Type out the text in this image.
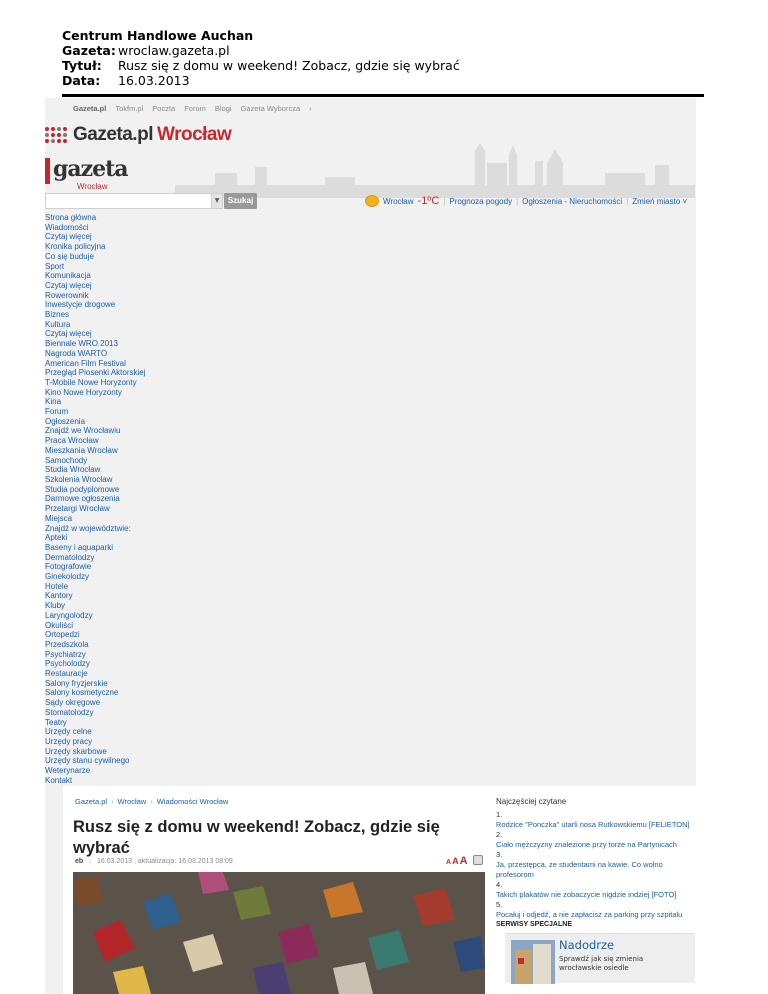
Centrum Handlowe Auchan
Gazeta: wroclaw.gazeta.pl
Tytuł:	Rusz się z domu w weekend! Zobacz, gdzie się wybrać
Data:	16.03.2013
Gazeta.pl Tokfm.pl Poczta Forum Blogi Gazeta Wyborcza ›
Gazeta.pl Wrocław
gazeta
Wrocław
▼	Szukaj	Wrocław -1ºC | Prognoza pogody | Ogłoszenia - Nieruchomości | Zmień miasto ˅
Strona główna
Wiadomości
Czytaj więcej
Kronika policyjna
Co się buduje
Sport
Komunikacja
Czytaj więcej
Rowerownik
Inwestycje drogowe
Biznes
Kultura
Czytaj więcej
Biennale WRO 2013
Nagroda WARTO
American Film Festival
Przegląd Piosenki Aktorskiej
T-Mobile Nowe Horyzonty
Kino Nowe Horyzonty
Kina
Forum
Ogłoszenia
Znajdź we Wrocławiu
Praca Wrocław
Mieszkania Wrocław
Samochody
Studia Wrocław
Szkolenia Wrocław
Studia podyplomowe
Darmowe ogłoszenia
Przetargi Wrocław
Miejsca
Znajdź w województwie:
Apteki
Baseny i aquaparki
Dermatolodzy
Fotografowie
Ginekolodzy
Hotele
Kantory
Kluby
Laryngolodzy
Okuliści
Ortopedzi
Przedszkola
Psychiatrzy
Psycholodzy
Restauracje
Salony fryzjerskie
Salony kosmetyczne
Sądy okręgowe
Stomatolodzy
Teatry
Urzędy celne
Urzędy pracy
Urzędy skarbowe
Urzędy stanu cywilnego
Weterynarze
Kontakt
Gazeta.pl › Wrocław › Wiadomości Wrocław
Rusz się z domu w weekend! Zobacz, gdzie się wybrać
eb | 16.03.2013 , aktualizacja: 16.03.2013 08:09	A A A
Najczęściej czytane
1.
Rodzice "Ponczka" utarli nosa Rutkowskiemu [FELIETON]
2.
Ciało mężczyzny znalezione przy torze na Partynicach
3.
Ja, przestępca, ze studentami na kawie. Co wolno profesorom
4.
Takich plakatów nie zobaczycie nigdzie indziej [FOTO]
5.
Pocałuj i odjedź, a nie zapłacisz za parking przy szpitalu
SERWISY SPECJALNE
Nadodrze
Sprawdź jak się zmienia wrocławskie osiedle
